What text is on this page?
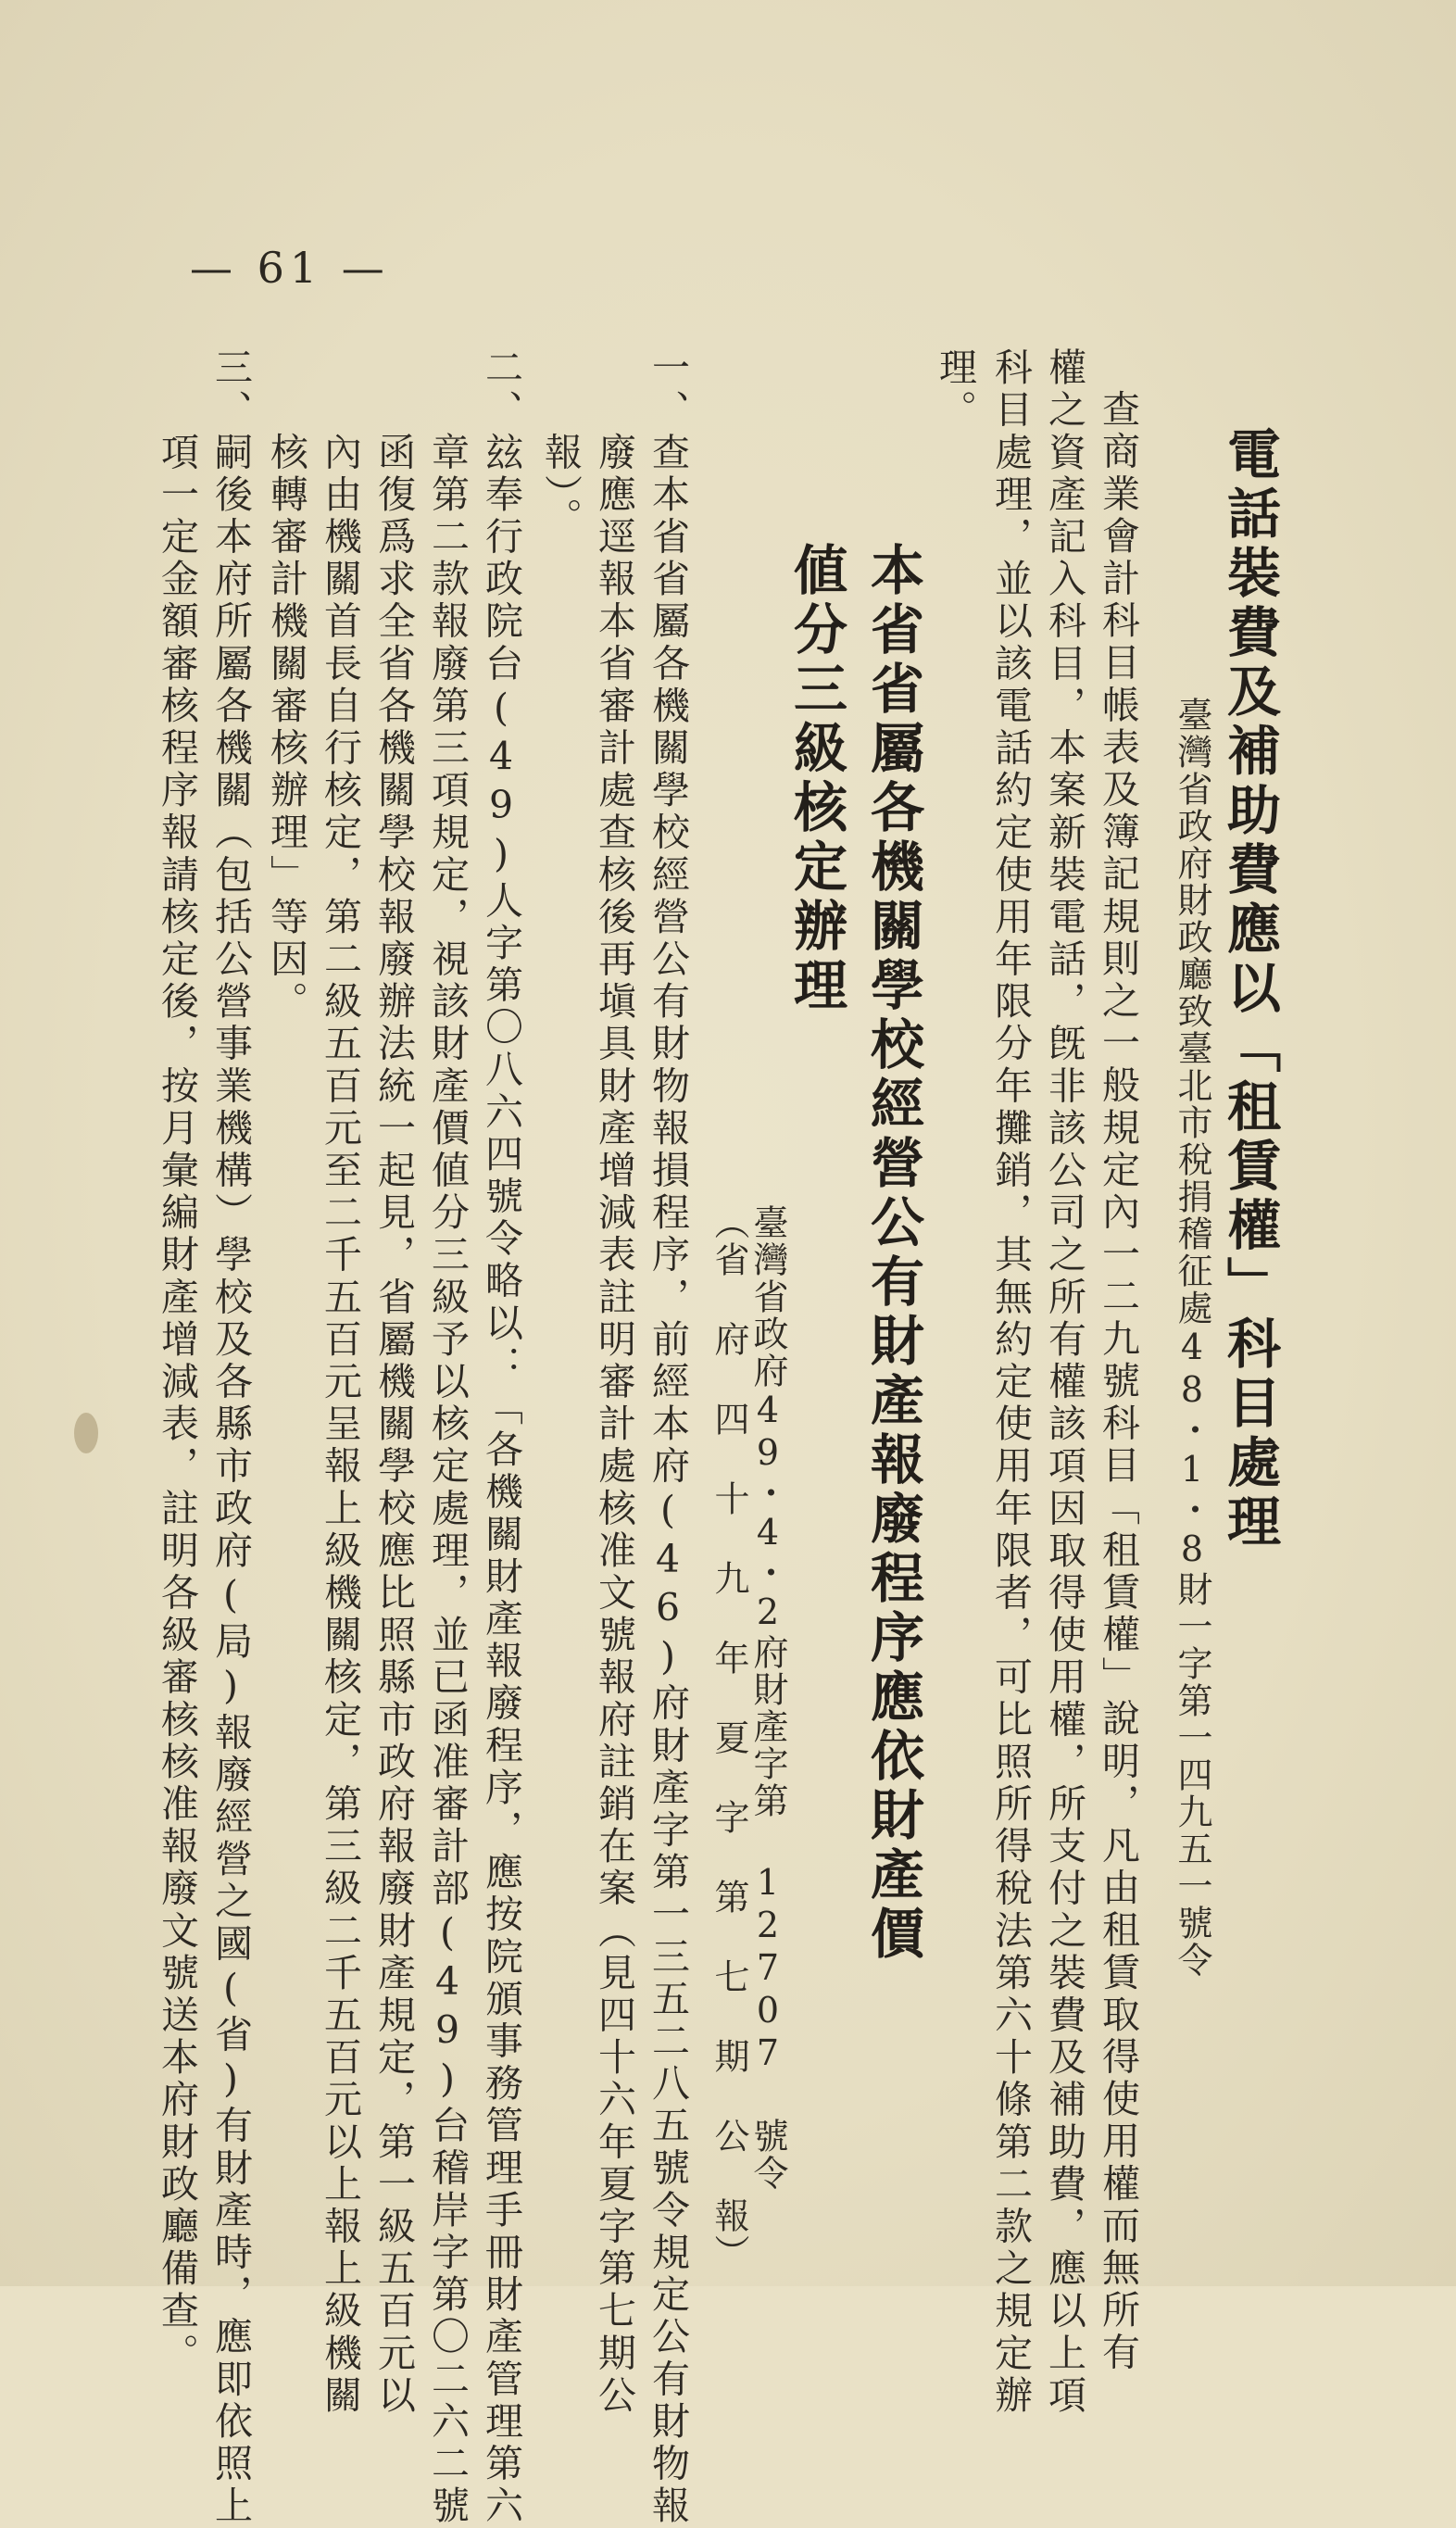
— 61 —
電話裝費及補助費應以「租賃權」科目處理
臺灣省政府財政廳致臺北市稅捐稽征處48・1・8財一字第一四九五一號令
查商業會計科目帳表及簿記規則之一般規定內一二九號科目「租賃權」說明，凡由租賃取得使用權而無所有
權之資產記入科目，本案新裝電話，旣非該公司之所有權該項因取得使用權，所支付之裝費及補助費，應以上項
科目處理，並以該電話約定使用年限分年攤銷，其無約定使用年限者，可比照所得稅法第六十條第二款之規定辦
理。
本省省屬各機關學校經營公有財產報廢程序應依財產價
値分三級核定辦理
臺灣省政府49・4・2府財產字第 12707 號令
（省 府 四 十 九 年 夏 字 第 七 期 公 報）
一、查本省省屬各機關學校經營公有財物報損程序，前經本府(46)府財產字第一三五二八五號令規定公有財物報
　　廢應逕報本省審計處查核後再塡具財產增減表註明審計處核准文號報府註銷在案（見四十六年夏字第七期公
　　報）。
二、玆奉行政院台(49)人字第〇八六四號令略以：「各機關財產報廢程序，應按院頒事務管理手冊財產管理第六
　　章第二款報廢第三項規定，視該財產價値分三級予以核定處理，並已函准審計部(49)台稽岸字第〇二六二號
　　函復爲求全省各機關學校報廢辦法統一起見，省屬機關學校應比照縣市政府報廢財產規定，第一級五百元以
　　內由機關首長自行核定，第二級五百元至二千五百元呈報上級機關核定，第三級二千五百元以上報上級機關
　　核轉審計機關審核辦理」等因。
三、嗣後本府所屬各機關（包括公營事業機構）學校及各縣市政府(局)報廢經營之國(省)有財產時，應即依照上
　　項一定金額審核程序報請核定後，按月彙編財產增減表，註明各級審核核准報廢文號送本府財政廳備查。
